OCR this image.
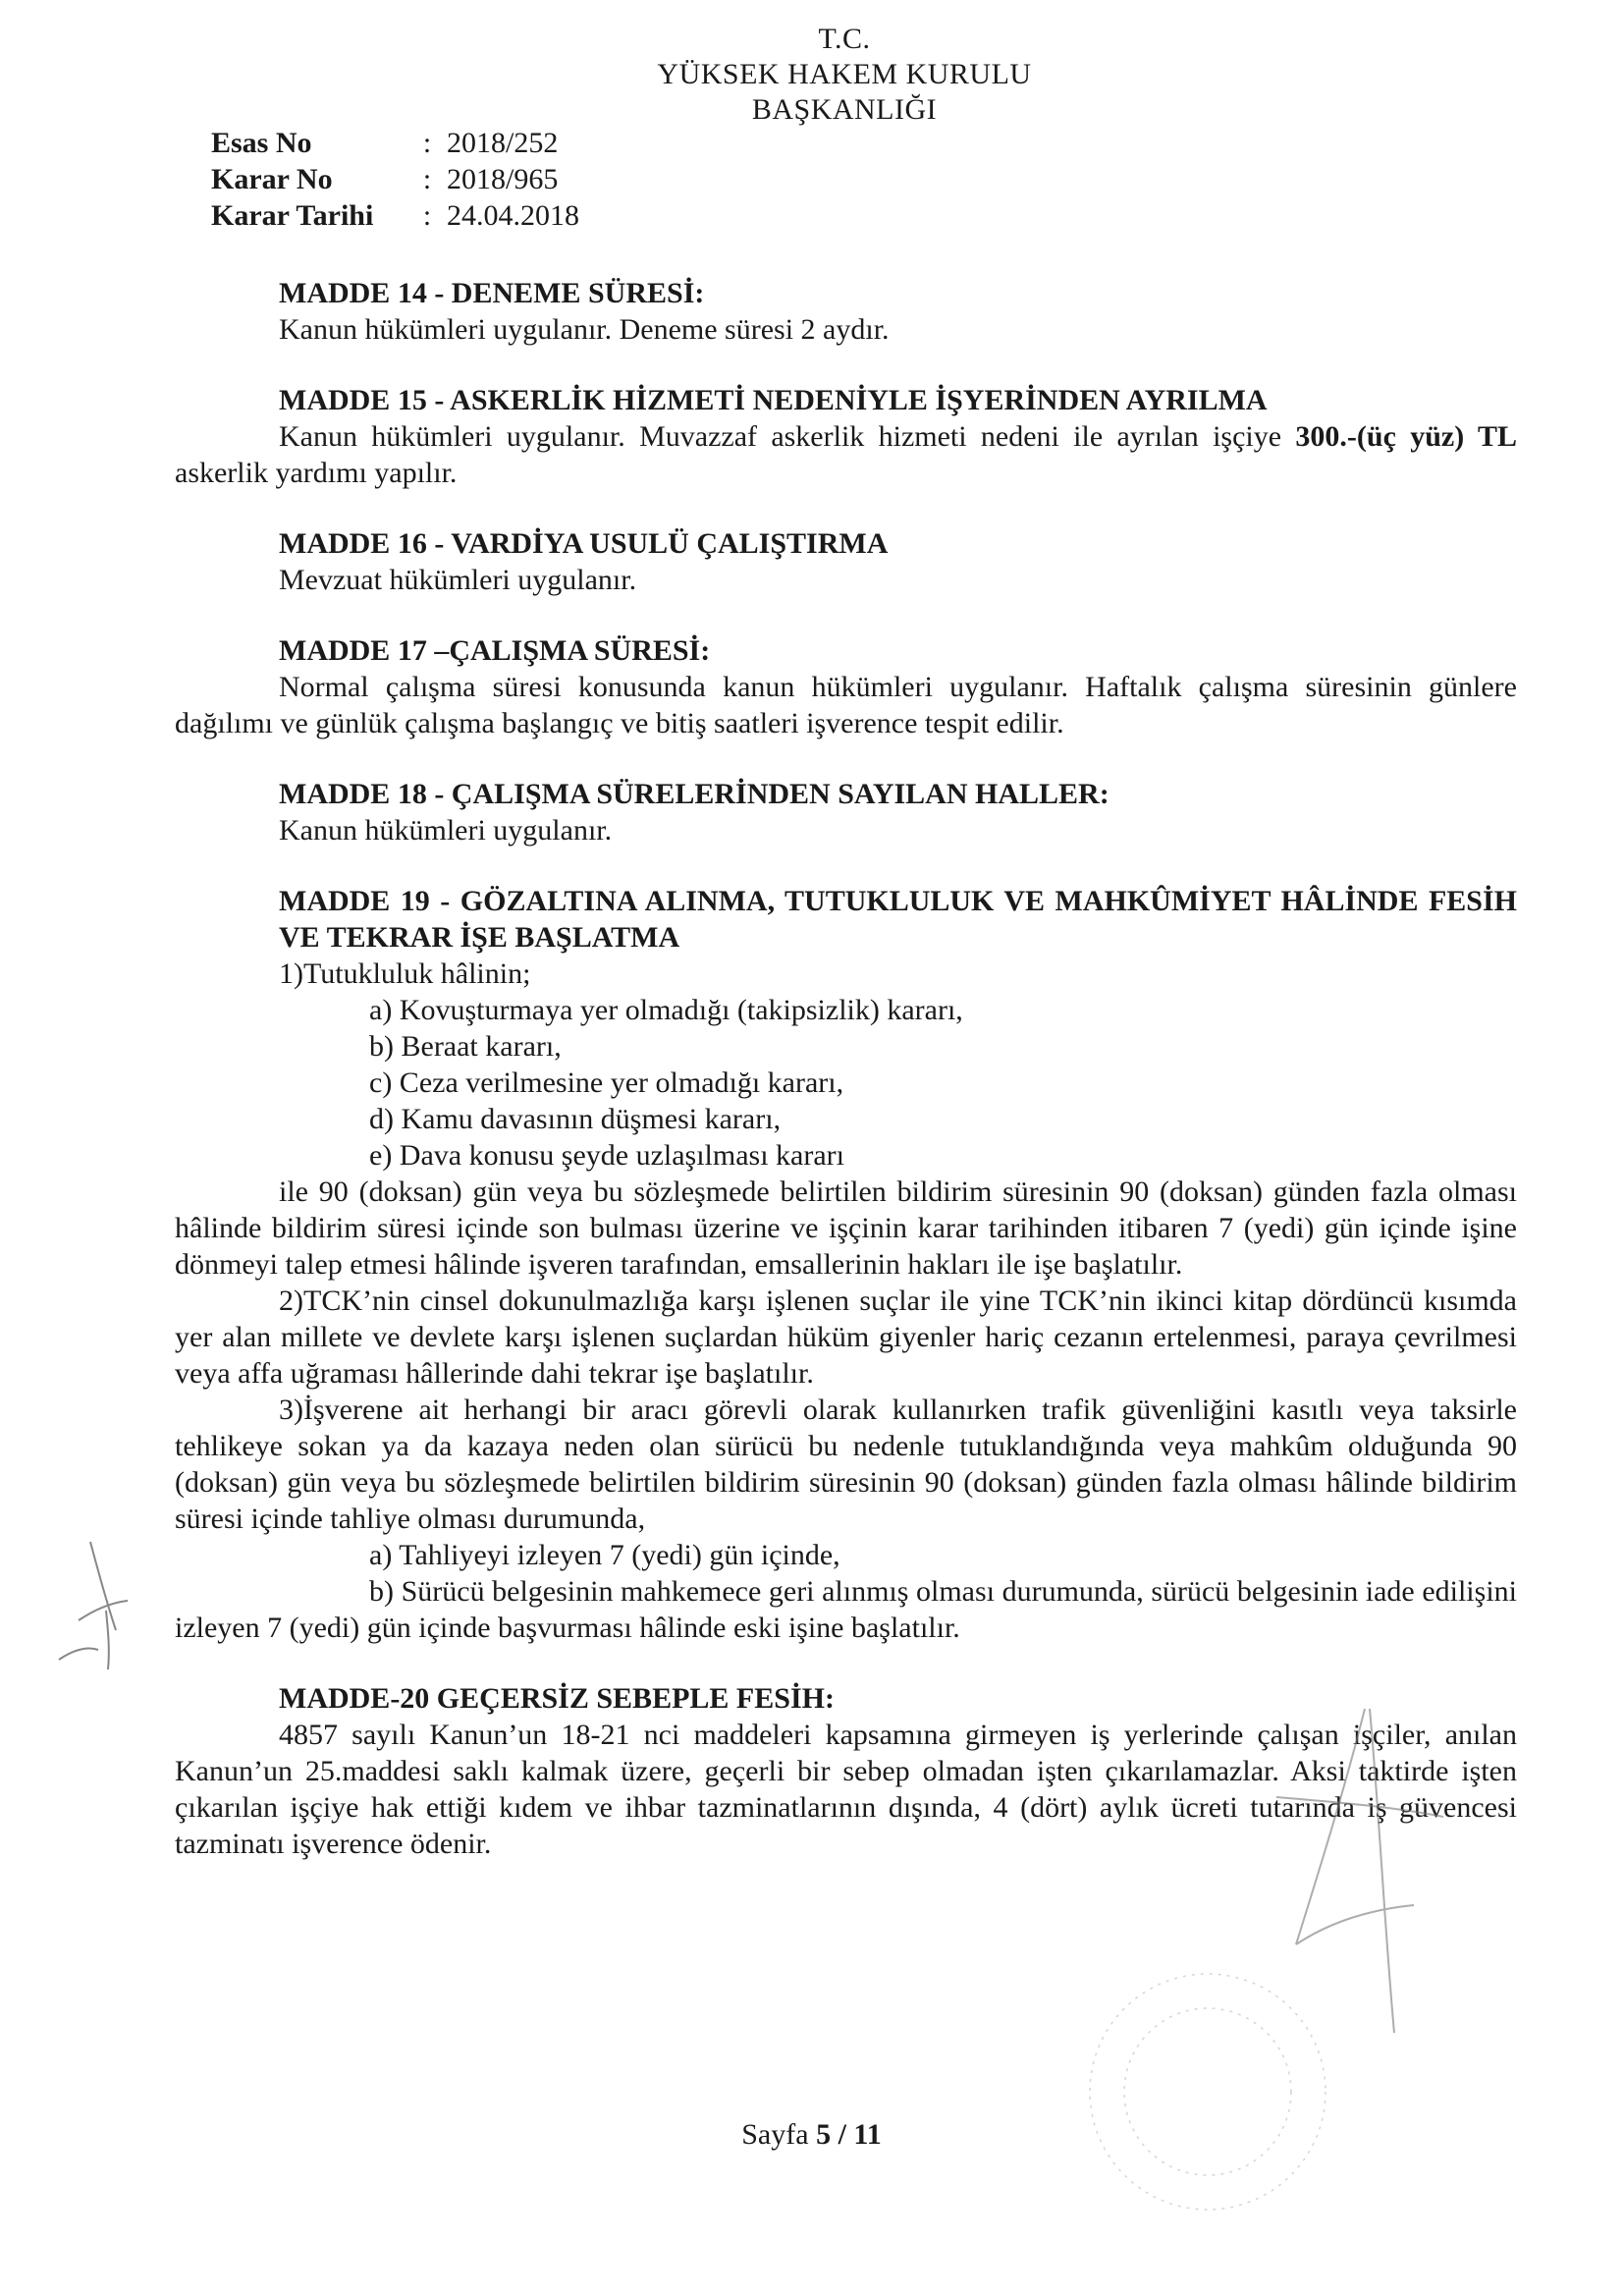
T.C.
YÜKSEK HAKEM KURULU
BAŞKANLIĞI
Esas No	: 2018/252
Karar No	: 2018/965
Karar Tarihi	: 24.04.2018
MADDE 14 - DENEME SÜRESİ:
Kanun hükümleri uygulanır. Deneme süresi 2 aydır.
MADDE 15 - ASKERLİK HİZMETİ NEDENİYLE İŞYERİNDEN AYRILMA
Kanun hükümleri uygulanır. Muvazzaf askerlik hizmeti nedeni ile ayrılan işçiye 300.-(üç yüz) TL askerlik yardımı yapılır.
MADDE 16 - VARDİYA USULÜ ÇALIŞTIRMA
Mevzuat hükümleri uygulanır.
MADDE 17 –ÇALIŞMA SÜRESİ:
Normal çalışma süresi konusunda kanun hükümleri uygulanır. Haftalık çalışma süresinin günlere dağılımı ve günlük çalışma başlangıç ve bitiş saatleri işverence tespit edilir.
MADDE 18 - ÇALIŞMA SÜRELERİNDEN SAYILAN HALLER:
Kanun hükümleri uygulanır.
MADDE 19 - GÖZALTINA ALINMA, TUTUKLULUK VE MAHKÛMİYET HÂLİNDE FESİH VE TEKRAR İŞE BAŞLATMA
1)Tutukluluk hâlinin;
a) Kovuşturmaya yer olmadığı (takipsizlik) kararı,
b) Beraat kararı,
c) Ceza verilmesine yer olmadığı kararı,
d) Kamu davasının düşmesi kararı,
e) Dava konusu şeyde uzlaşılması kararı
ile 90 (doksan) gün veya bu sözleşmede belirtilen bildirim süresinin 90 (doksan) günden fazla olması hâlinde bildirim süresi içinde son bulması üzerine ve işçinin karar tarihinden itibaren 7 (yedi) gün içinde işine dönmeyi talep etmesi hâlinde işveren tarafından, emsallerinin hakları ile işe başlatılır.
2)TCK’nin cinsel dokunulmazlığa karşı işlenen suçlar ile yine TCK’nin ikinci kitap dördüncü kısımda yer alan millete ve devlete karşı işlenen suçlardan hüküm giyenler hariç cezanın ertelenmesi, paraya çevrilmesi veya affa uğraması hâllerinde dahi tekrar işe başlatılır.
3)İşverene ait herhangi bir aracı görevli olarak kullanırken trafik güvenliğini kasıtlı veya taksirle tehlikeye sokan ya da kazaya neden olan sürücü bu nedenle tutuklandığında veya mahkûm olduğunda 90 (doksan) gün veya bu sözleşmede belirtilen bildirim süresinin 90 (doksan) günden fazla olması hâlinde bildirim süresi içinde tahliye olması durumunda,
a) Tahliyeyi izleyen 7 (yedi) gün içinde,
b) Sürücü belgesinin mahkemece geri alınmış olması durumunda, sürücü belgesinin iade edilişini izleyen 7 (yedi) gün içinde başvurması hâlinde eski işine başlatılır.
MADDE-20 GEÇERSİZ SEBEPLE FESİH:
4857 sayılı Kanun’un 18-21 nci maddeleri kapsamına girmeyen iş yerlerinde çalışan işçiler, anılan Kanun’un 25.maddesi saklı kalmak üzere, geçerli bir sebep olmadan işten çıkarılamazlar. Aksi taktirde işten çıkarılan işçiye hak ettiği kıdem ve ihbar tazminatlarının dışında, 4 (dört) aylık ücreti tutarında iş güvencesi tazminatı işverence ödenir.
Sayfa 5 / 11
